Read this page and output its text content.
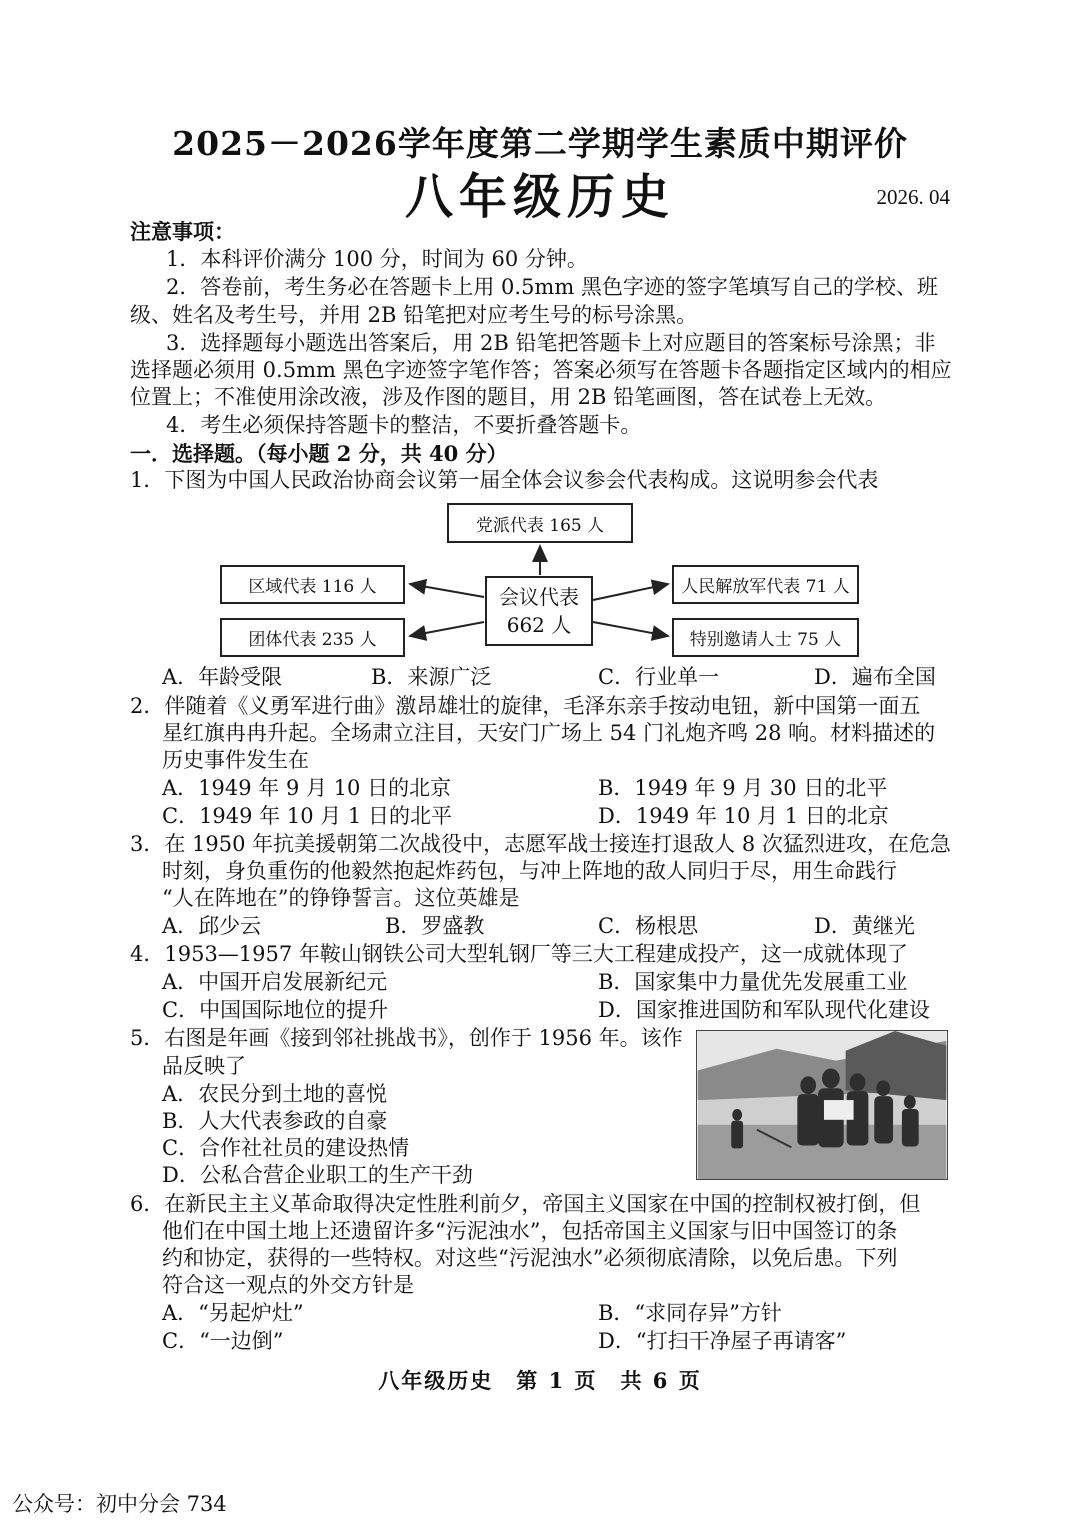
2025－2026学年度第二学期学生素质中期评价
八年级历史	2026. 04
注意事项：
1．本科评价满分 100 分，时间为 60 分钟。
2．答卷前，考生务必在答题卡上用 0.5mm 黑色字迹的签字笔填写自己的学校、班
级、姓名及考生号，并用 2B 铅笔把对应考生号的标号涂黑。
3．选择题每小题选出答案后，用 2B 铅笔把答题卡上对应题目的答案标号涂黑；非
选择题必须用 0.5mm 黑色字迹签字笔作答；答案必须写在答题卡各题指定区域内的相应
位置上；不准使用涂改液，涉及作图的题目，用 2B 铅笔画图，答在试卷上无效。
4．考生必须保持答题卡的整洁，不要折叠答题卡。
一．选择题。（每小题 2 分，共 40 分）
1．下图为中国人民政治协商会议第一届全体会议参会代表构成。这说明参会代表
党派代表 165 人
区域代表 116 人
团体代表 235 人
会议代表
662 人
人民解放军代表 71 人
特别邀请人士 75 人
A．年龄受限	B．来源广泛	C．行业单一	D．遍布全国
2．伴随着《义勇军进行曲》激昂雄壮的旋律，毛泽东亲手按动电钮，新中国第一面五
星红旗冉冉升起。全场肃立注目，天安门广场上 54 门礼炮齐鸣 28 响。材料描述的
历史事件发生在
A．1949 年 9 月 10 日的北京	B．1949 年 9 月 30 日的北平
C．1949 年 10 月 1 日的北平	D．1949 年 10 月 1 日的北京
3．在 1950 年抗美援朝第二次战役中，志愿军战士接连打退敌人 8 次猛烈进攻，在危急
时刻，身负重伤的他毅然抱起炸药包，与冲上阵地的敌人同归于尽，用生命践行
“人在阵地在”的铮铮誓言。这位英雄是
A．邱少云	B．罗盛教	C．杨根思	D．黄继光
4．1953—1957 年鞍山钢铁公司大型轧钢厂等三大工程建成投产，这一成就体现了
A．中国开启发展新纪元	B．国家集中力量优先发展重工业
C．中国国际地位的提升	D．国家推进国防和军队现代化建设
5．右图是年画《接到邻社挑战书》，创作于 1956 年。该作
品反映了
A．农民分到土地的喜悦
B．人大代表参政的自豪
C．合作社社员的建设热情
D．公私合营企业职工的生产干劲
6．在新民主主义革命取得决定性胜利前夕，帝国主义国家在中国的控制权被打倒，但
他们在中国土地上还遗留许多“污泥浊水”，包括帝国主义国家与旧中国签订的条
约和协定，获得的一些特权。对这些“污泥浊水”必须彻底清除，以免后患。下列
符合这一观点的外交方针是
A．“另起炉灶”	B．“求同存异”方针
C．“一边倒”	D．“打扫干净屋子再请客”
八年级历史　第 1 页　共 6 页
公众号：初中分会 734
